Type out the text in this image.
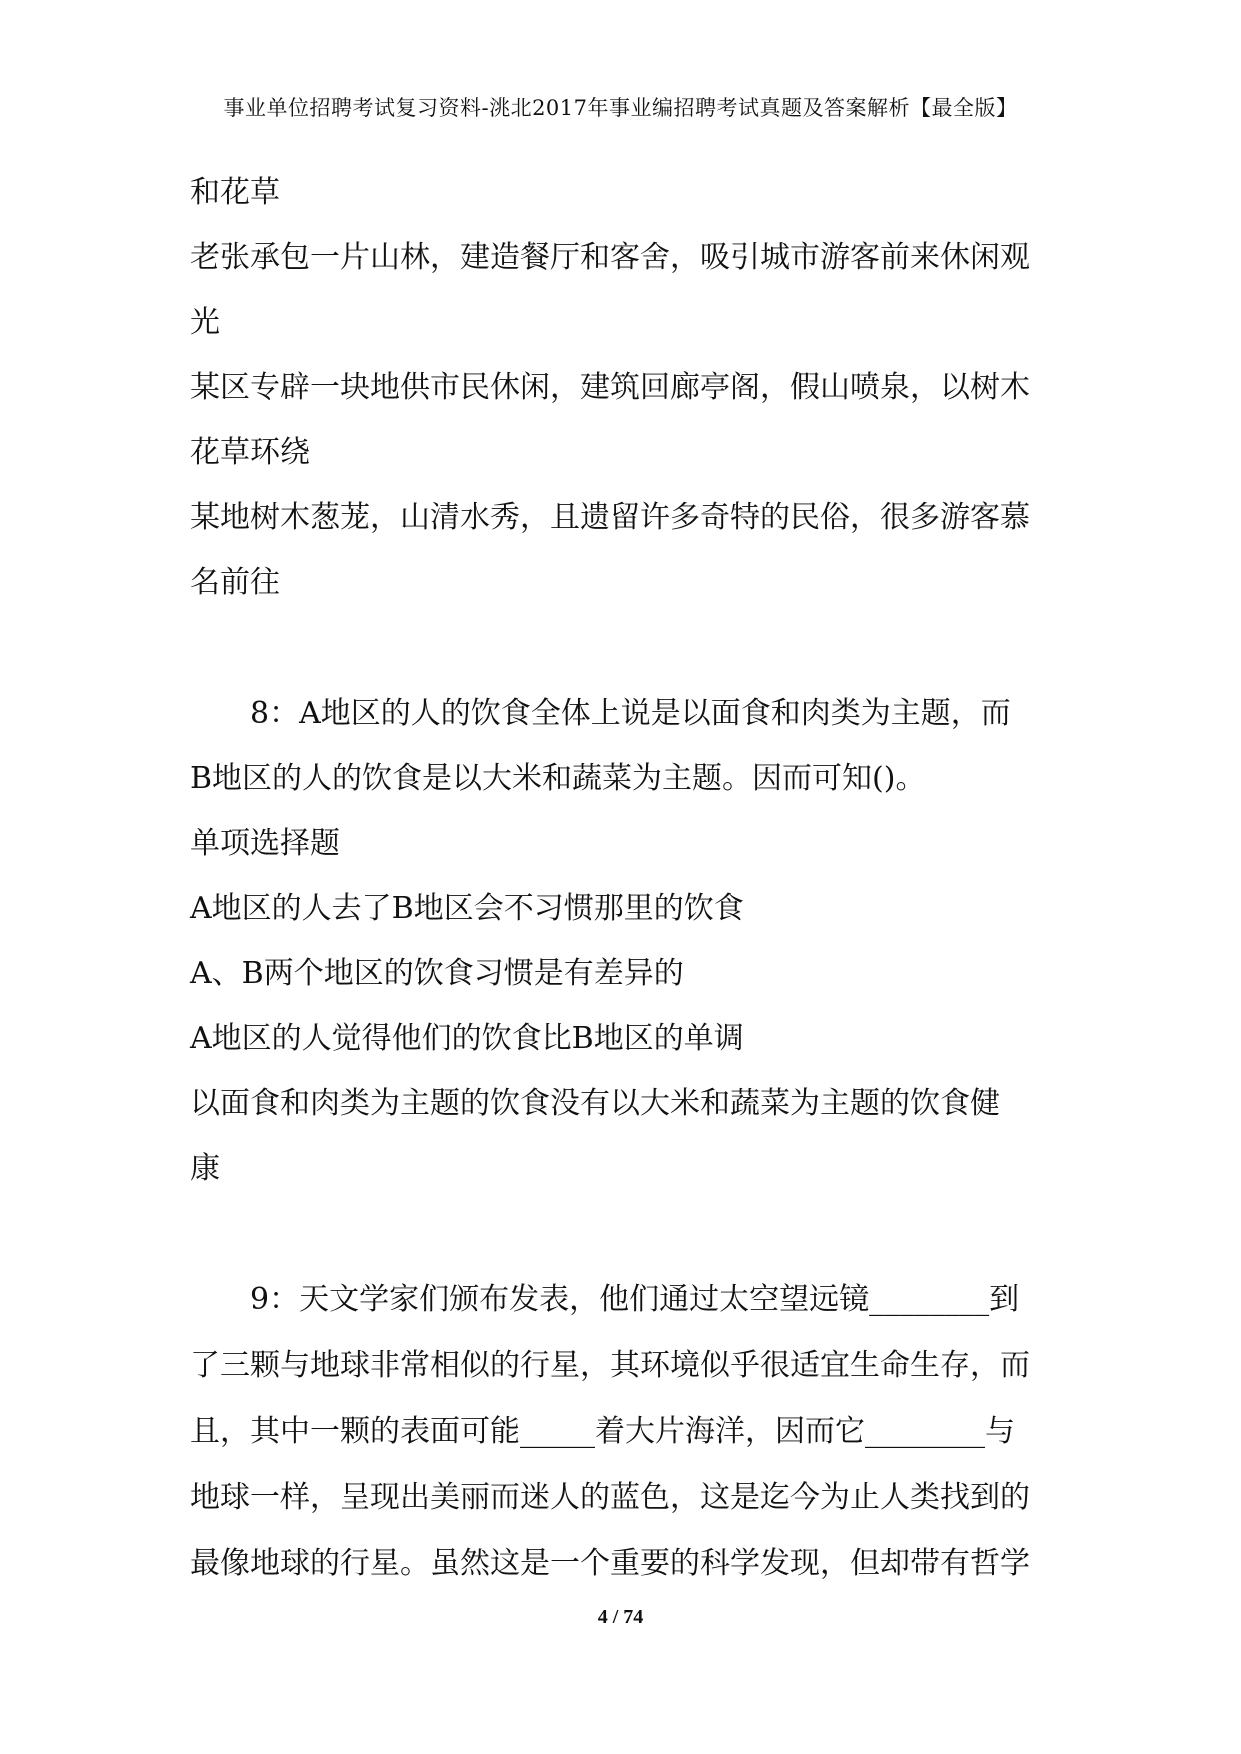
事业单位招聘考试复习资料-洮北2017年事业编招聘考试真题及答案解析【最全版】
和花草
老张承包一片山林，建造餐厅和客舍，吸引城市游客前来休闲观
光
某区专辟一块地供市民休闲，建筑回廊亭阁，假山喷泉，以树木
花草环绕
某地树木葱茏，山清水秀，且遗留许多奇特的民俗，很多游客慕
名前往
8：A地区的人的饮食全体上说是以面食和肉类为主题，而
B地区的人的饮食是以大米和蔬菜为主题。因而可知()。
单项选择题
A地区的人去了B地区会不习惯那里的饮食
A、B两个地区的饮食习惯是有差异的
A地区的人觉得他们的饮食比B地区的单调
以面食和肉类为主题的饮食没有以大米和蔬菜为主题的饮食健
康
9：天文学家们颁布发表，他们通过太空望远镜________到
了三颗与地球非常相似的行星，其环境似乎很适宜生命生存，而
且，其中一颗的表面可能_____着大片海洋，因而它________与
地球一样，呈现出美丽而迷人的蓝色，这是迄今为止人类找到的
最像地球的行星。虽然这是一个重要的科学发现，但却带有哲学
4 / 74
